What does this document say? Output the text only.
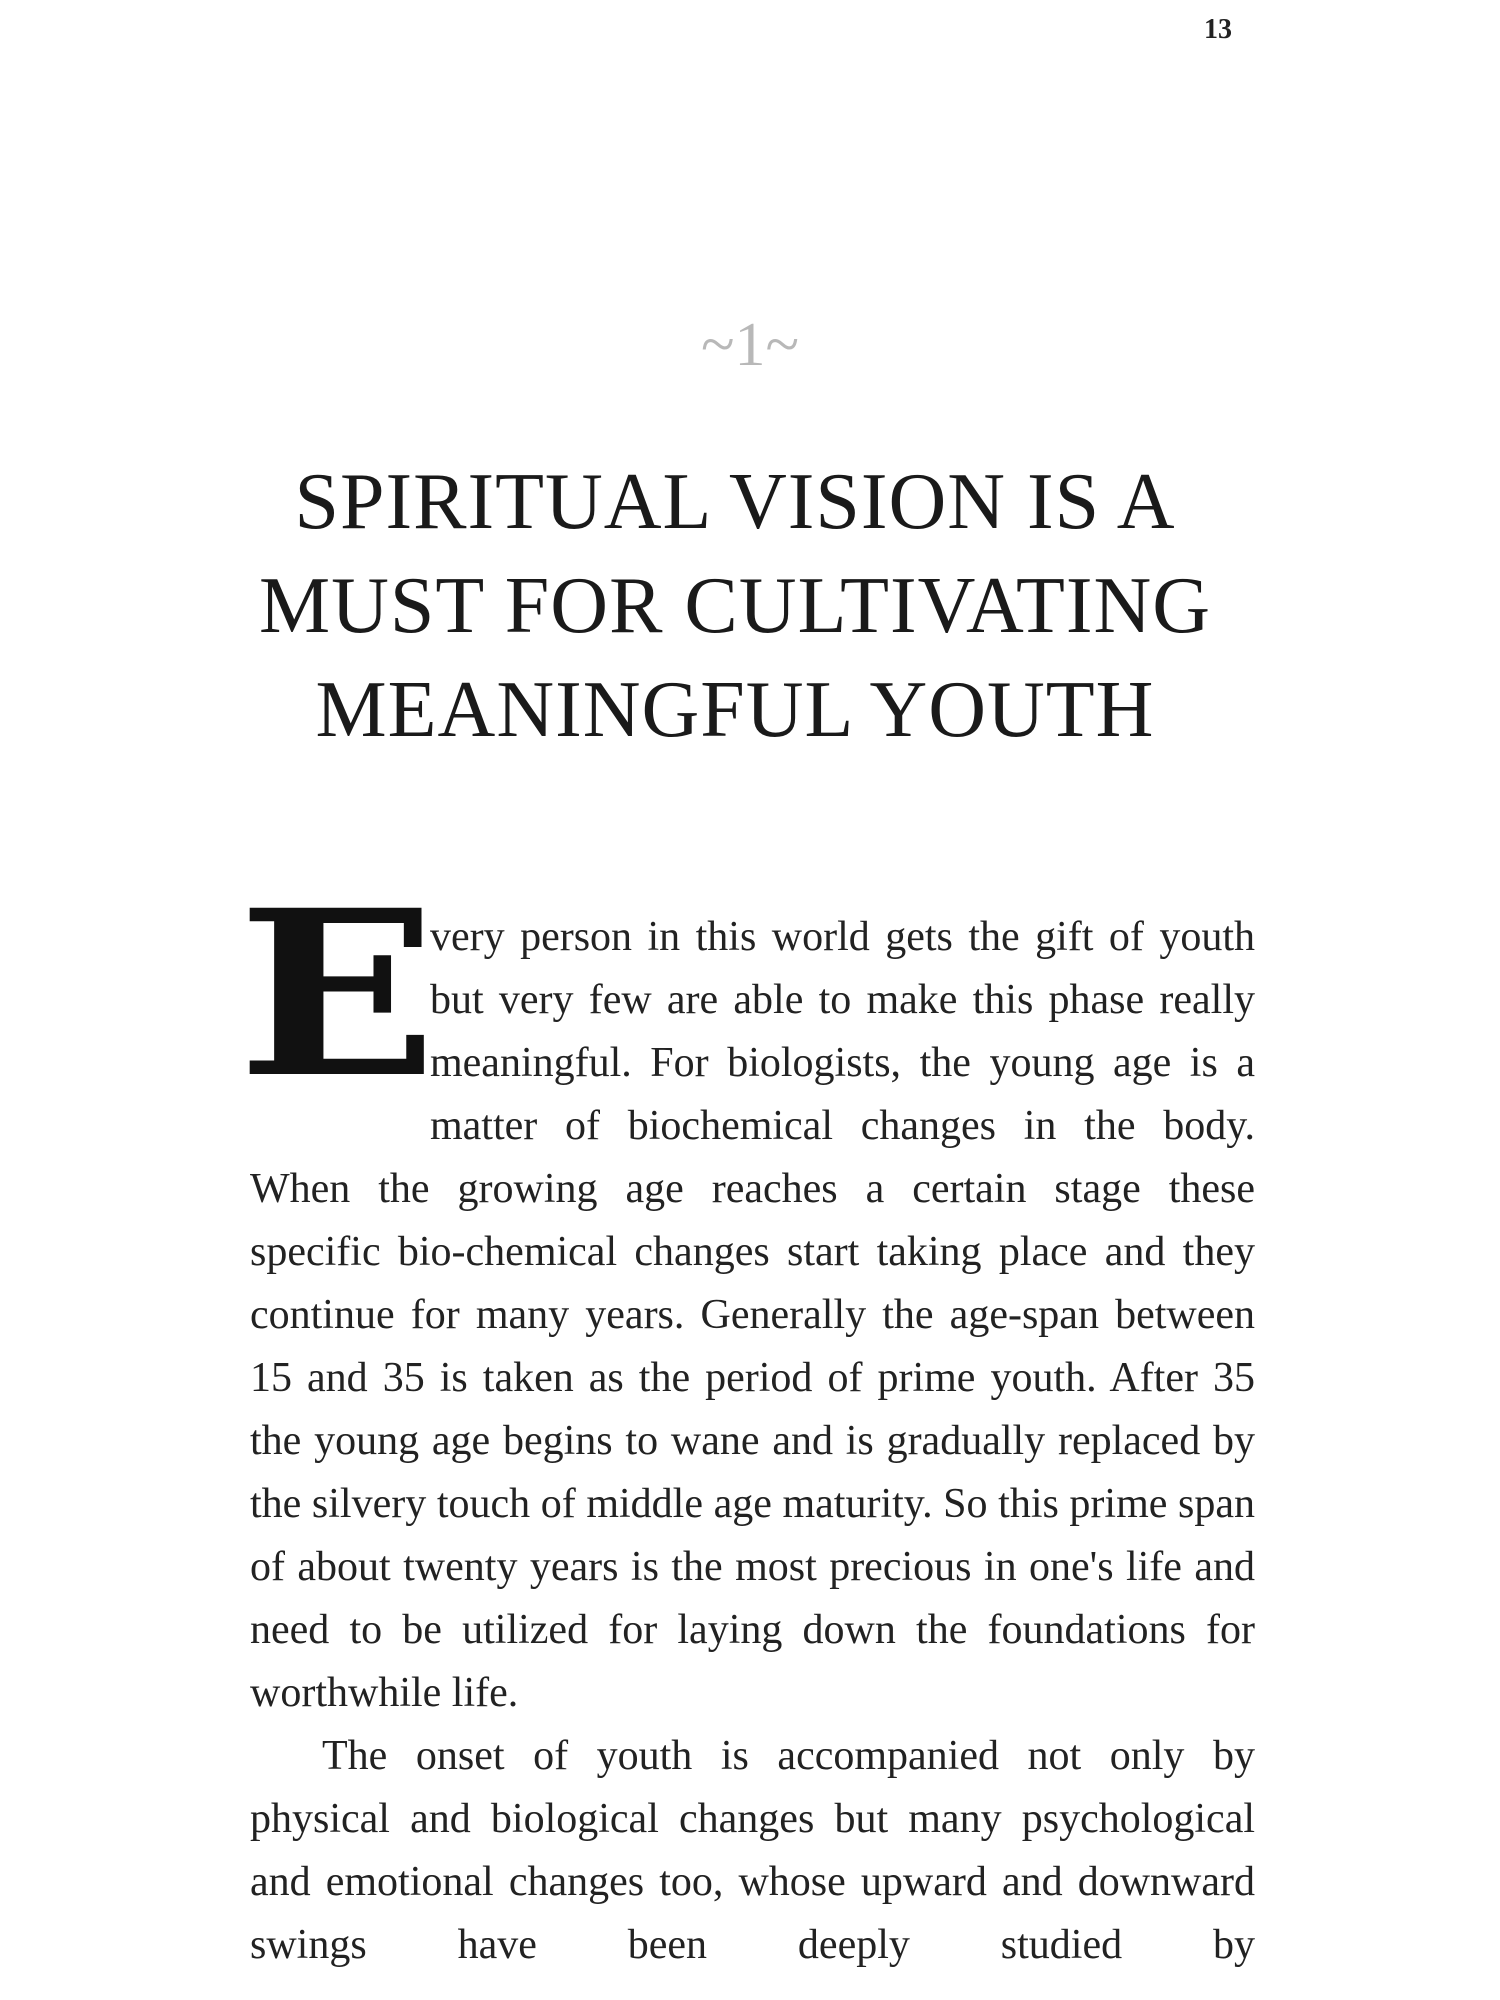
13
~1~
SPIRITUAL VISION IS A
MUST FOR CULTIVATING
MEANINGFUL YOUTH

E
very person in this world gets the gift of youth but very few are able to make this phase really meaningful. For biologists, the young age is a matter of biochemical changes in the body. When the growing age reaches a certain stage these specific bio-chemical changes start taking place and they continue for many years. Generally the age-span between 15 and 35 is taken as the period of prime youth. After 35 the young age begins to wane and is gradually replaced by the silvery touch of middle age maturity. So this prime span of about twenty years is the most precious in one's life and need to be utilized for laying down the foundations for worthwhile life.

The onset of youth is accompanied not only by physical and biological changes but many psychological and emotional changes too, whose upward and downward swings have been deeply studied by
